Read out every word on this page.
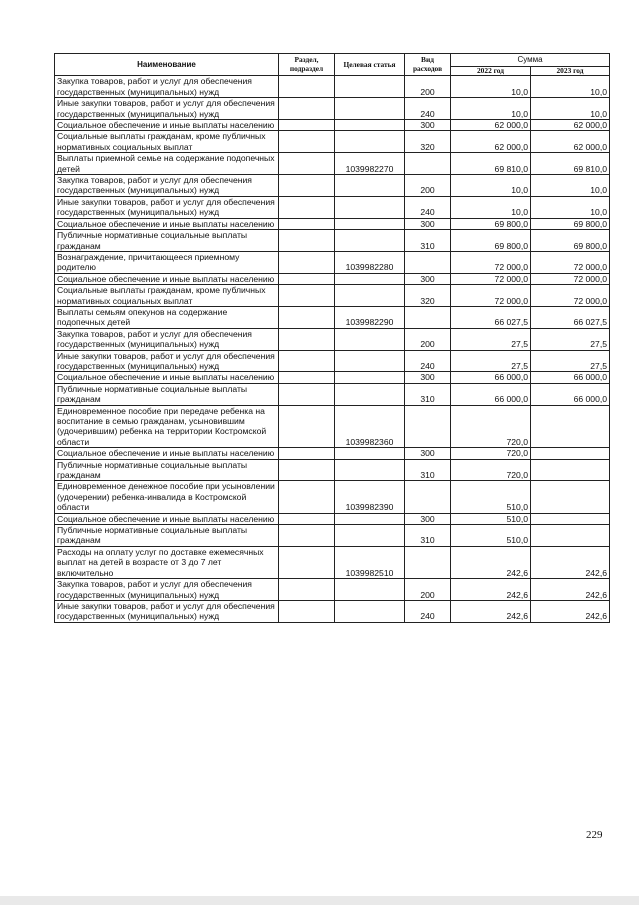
Наименование	Раздел, подраздел	Целевая статья	Вид расходов	Сумма	
				2022 год	2023 год
Закупка товаров, работ и услуг для обеспечения государственных (муниципальных) нужд			200	10,0	10,0
Иные закупки товаров, работ и услуг для обеспечения государственных (муниципальных) нужд			240	10,0	10,0
Социальное обеспечение и иные выплаты населению			300	62 000,0	62 000,0
Социальные выплаты гражданам, кроме публичных нормативных социальных выплат			320	62 000,0	62 000,0
Выплаты приемной семье на содержание подопечных детей		1039982270		69 810,0	69 810,0
Закупка товаров, работ и услуг для обеспечения государственных (муниципальных) нужд			200	10,0	10,0
Иные закупки товаров, работ и услуг для обеспечения государственных (муниципальных) нужд			240	10,0	10,0
Социальное обеспечение и иные выплаты населению			300	69 800,0	69 800,0
Публичные нормативные социальные выплаты гражданам			310	69 800,0	69 800,0
Вознаграждение, причитающееся приемному родителю		1039982280		72 000,0	72 000,0
Социальное обеспечение и иные выплаты населению			300	72 000,0	72 000,0
Социальные выплаты гражданам, кроме публичных нормативных социальных выплат			320	72 000,0	72 000,0
Выплаты семьям опекунов на содержание подопечных детей		1039982290		66 027,5	66 027,5
Закупка товаров, работ и услуг для обеспечения государственных (муниципальных) нужд			200	27,5	27,5
Иные закупки товаров, работ и услуг для обеспечения государственных (муниципальных) нужд			240	27,5	27,5
Социальное обеспечение и иные выплаты населению			300	66 000,0	66 000,0
Публичные нормативные социальные выплаты гражданам			310	66 000,0	66 000,0
Единовременное пособие при передаче ребенка на воспитание в семью гражданам, усыновившим (удочерившим) ребенка на территории Костромской области		1039982360		720,0	
Социальное обеспечение и иные выплаты населению			300	720,0	
Публичные нормативные социальные выплаты гражданам			310	720,0	
Единовременное денежное пособие при усыновлении (удочерении) ребенка-инвалида в Костромской области		1039982390		510,0	
Социальное обеспечение и иные выплаты населению			300	510,0	
Публичные нормативные социальные выплаты гражданам			310	510,0	
Расходы на оплату услуг по доставке ежемесячных выплат на детей в возрасте от 3 до 7 лет включительно		1039982510		242,6	242,6
Закупка товаров, работ и услуг для обеспечения государственных (муниципальных) нужд			200	242,6	242,6
Иные закупки товаров, работ и услуг для обеспечения государственных (муниципальных) нужд			240	242,6	242,6
229
